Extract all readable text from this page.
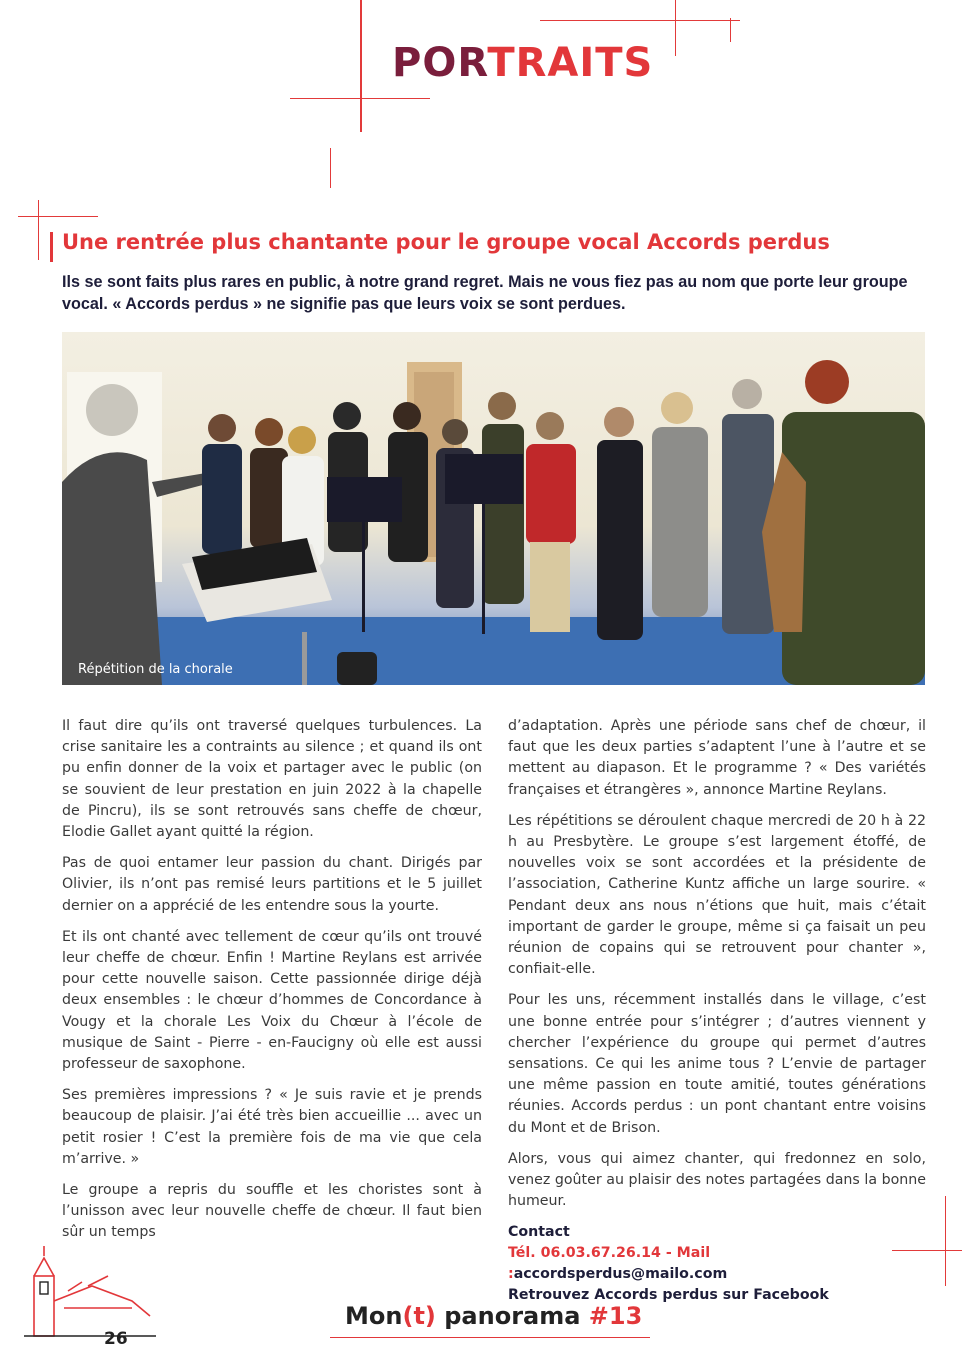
PORTRAITS
Une rentrée plus chantante pour le groupe vocal Accords perdus

Ils se sont faits plus rares en public, à notre grand regret. Mais ne vous fiez pas au nom que porte leur groupe vocal. « Accords perdus » ne signifie pas que leurs voix se sont perdues.

Répétition de la chorale

Il faut dire qu’ils ont traversé quelques turbulences. La crise sanitaire les a contraints au silence ; et quand ils ont pu enfin donner de la voix et partager avec le public (on se souvient de leur prestation en juin 2022 à la chapelle de Pincru), ils se sont retrouvés sans cheffe de chœur, Elodie Gallet ayant quitté la région.

Pas de quoi entamer leur passion du chant. Dirigés par Olivier, ils n’ont pas remisé leurs partitions et le 5 juillet dernier on a apprécié de les entendre sous la yourte.

Et ils ont chanté avec tellement de cœur qu’ils ont trouvé leur cheffe de chœur. Enfin ! Martine Reylans est arrivée pour cette nouvelle saison. Cette passionnée dirige déjà deux ensembles : le chœur d’hommes de Concordance à Vougy et la chorale Les Voix du Chœur à l’école de musique de Saint - Pierre - en-Faucigny où elle est aussi professeur de saxophone.

Ses premières impressions ? « Je suis ravie et je prends beaucoup de plaisir. J’ai été très bien accueillie ... avec un petit rosier ! C’est la première fois de ma vie que cela m’arrive. »

Le groupe a repris du souffle et les choristes sont à l’unisson avec leur nouvelle cheffe de chœur. Il faut bien sûr un temps

d’adaptation. Après une période sans chef de chœur, il faut que les deux parties s’adaptent l’une à l’autre et se mettent au diapason. Et le programme ? « Des variétés françaises et étrangères », annonce Martine Reylans.

Les répétitions se déroulent chaque mercredi de 20 h à 22 h au Presbytère. Le groupe s’est largement étoffé, de nouvelles voix se sont accordées et la présidente de l’association, Catherine Kuntz affiche un large sourire. « Pendant deux ans nous n’étions que huit, mais c’était important de garder le groupe, même si ça faisait un peu réunion de copains qui se retrouvent pour chanter », confiait-elle.

Pour les uns, récemment installés dans le village, c’est une bonne entrée pour s’intégrer ; d’autres viennent y chercher l’expérience du groupe qui permet d’autres sensations. Ce qui les anime tous ? L’envie de partager une même passion en toute amitié, toutes générations réunies. Accords perdus : un pont chantant entre voisins du Mont et de Brison.

Alors, vous qui aimez chanter, qui fredonnez en solo, venez goûter au plaisir des notes partagées dans la bonne humeur.

Contact
Tél. 06.03.67.26.14 - Mail :accordsperdus@mailo.com
Retrouvez Accords perdus sur Facebook
26
Mon(t) panorama #13
